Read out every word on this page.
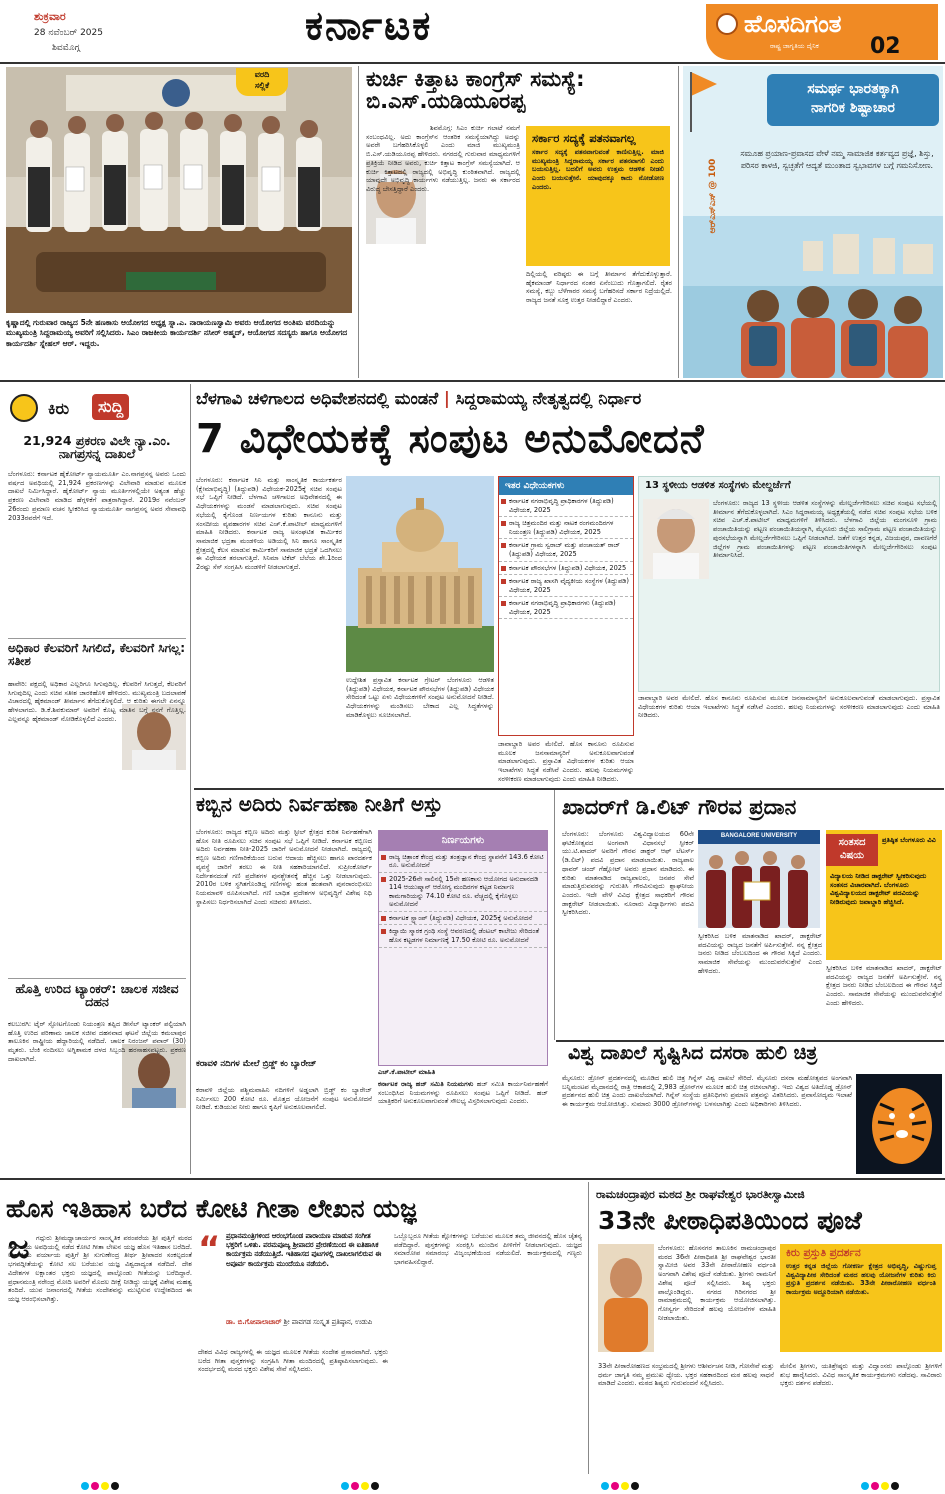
ಶುಕ್ರವಾರ
28 ನವೆಂಬರ್ 2025
ಶಿವಮೊಗ್ಗ	ಕರ್ನಾಟಕ	ಹೊಸದಿಗಂತ
ರಾಷ್ಟ್ರ ಜಾಗೃತಿಯ ದೈನಿಕ 02
ವರದಿ
ಸಲ್ಲಿಕೆ
ಕೃಷ್ಣಾದಲ್ಲಿ ಗುರುವಾರ ರಾಜ್ಯದ 5ನೇ ಹಣಕಾಸು ಆಯೋಗದ ಅಧ್ಯಕ್ಷ ಸ್ನಾ.ಎ. ನಾರಾಯಣಸ್ವಾಮಿ ಅವರು ಆಯೋಗದ ಅಂತಿಮ ವರದಿಯನ್ನು ಮುಖ್ಯಮಂತ್ರಿ ಸಿದ್ದರಾಮಯ್ಯ ಅವರಿಗೆ ಸಲ್ಲಿಸಿದರು. ಸಿಎಂ ರಾಜಕೀಯ ಕಾರ್ಯದರ್ಶಿ ನಸೀರ್ ಅಹ್ಮದ್, ಆಯೋಗದ ಸದಸ್ಯರು ಹಾಗೂ ಆಯೋಗದ ಕಾರ್ಯದರ್ಶಿ ಸ್ನೇಹಲ್ ಆರ್. ಇದ್ದರು.
ಕುರ್ಚಿ ಕಿತ್ತಾಟ ಕಾಂಗ್ರೆಸ್ ಸಮಸ್ಯೆ: ಬಿ.ಎಸ್.ಯಡಿಯೂರಪ್ಪ
ಶಿವಮೊಗ್ಗ: ಸಿಎಂ ಕುರ್ಚಿ ಗಲಾಟೆ ನಮಗೆ ಸಂಬಂಧವಿಲ್ಲ. ಅದು ಕಾಂಗ್ರೆಸ್‌ನ ಆಂತರಿಕ ಸಮಸ್ಯೆಯಾಗಿದ್ದು ಅದನ್ನು ಅವರೇ ಬಗೆಹರಿಸಿಕೊಳ್ಳಲಿ ಎಂದು ಮಾಜಿ ಮುಖ್ಯಮಂತ್ರಿ ಬಿ.ಎಸ್.ಯಡಿಯೂರಪ್ಪ ಹೇಳಿದರು. ನಗರದಲ್ಲಿ ಗುರುವಾರ ಮಾಧ್ಯಮಗಳಿಗೆ ಪ್ರತಿಕ್ರಿಯೆ ನೀಡಿದ ಅವರು, ಕುರ್ಚಿ ಕಿತ್ತಾಟ ಕಾಂಗ್ರೆಸ್ ಸಮಸ್ಯೆಯಾಗಿದೆ. ಆ ಕುರ್ಚಿ ಕಿತ್ತಾಟದಲ್ಲಿ ರಾಜ್ಯದಲ್ಲಿ ಅಭಿವೃದ್ಧಿ ಕುಂಠಿತವಾಗಿದೆ. ರಾಜ್ಯದಲ್ಲಿ ಯಾವುದೇ ಅಭಿವೃದ್ಧಿ ಕಾರ್ಯಗಳು ನಡೆಯುತ್ತಿಲ್ಲ. ಜನರು ಈ ಸರ್ಕಾರದ ವಿರುದ್ಧ ಬೇಸತ್ತಿದ್ದಾರೆ ಎಂದರು.
ಸರ್ಕಾರ ಸದ್ಯಕ್ಕೆ ಪತನವಾಗಲ್ಲ
ಸರ್ಕಾರ ಸದ್ಯಕ್ಕೆ ಪತನವಾಗುವಂತೆ ಕಾಣಿಸುತ್ತಿಲ್ಲ. ಮಾಜಿ ಮುಖ್ಯಮಂತ್ರಿ ಸಿದ್ದರಾಮಯ್ಯ ಸರ್ಕಾರ ಪತನವಾಗಲಿ ಎಂದು ಬಯಸುತ್ತಿಲ್ಲ. ಬದಲಿಗೆ ಅವರು ಉತ್ತಮ ಆಡಳಿತ ನೀಡಲಿ ಎಂದು ಬಯಸುತ್ತೇನೆ. ಯಾವುದಕ್ಕೂ ಕಾದು ನೋಡೋಣ ಎಂದರು.
ದಿಲ್ಲಿಯಲ್ಲಿ ವರಿಷ್ಠರು ಈ ಬಗ್ಗೆ ತೀರ್ಮಾನ ತೆಗೆದುಕೊಳ್ಳುತ್ತಾರೆ. ಹೈಕಮಾಂಡ್ ನಿರ್ಧಾರದ ನಂತರ ಏನೆಂಬುದು ಗೊತ್ತಾಗಲಿದೆ. ರೈತರ ಸಮಸ್ಯೆ, ಕಬ್ಬು ಬೆಳೆಗಾರರ ಸಮಸ್ಯೆ ಬಗೆಹರಿಸದೆ ಸರ್ಕಾರ ನಿದ್ರೆಯಲ್ಲಿದೆ. ರಾಜ್ಯದ ಜನತೆ ಸೂಕ್ತ ಉತ್ತರ ನೀಡಲಿದ್ದಾರೆ ಎಂದರು.
ಸಮರ್ಥ ಭಾರತಕ್ಕಾಗಿ
ನಾಗರಿಕ ಶಿಷ್ಟಾಚಾರ
ಸಮೂಹ ಪ್ರಯಾಣ-ಪ್ರವಾಸದ ವೇಳೆ ನಮ್ಮ ಸಾಮಾಜಿಕ ಕರ್ತವ್ಯದ ಪ್ರಜ್ಞೆ, ಶಿಸ್ತು, ಪರಿಸರ ಕಾಳಜಿ, ಸ್ವಚ್ಛತೆಗೆ ಆದ್ಯತೆ ಮುಂತಾದ ಸ್ವಭಾವಗಳ ಬಗ್ಗೆ ಗಮನಿಸೋಣ.
ಆರ್‌ಎಸ್‌ಎಸ್ @ 100
ಕಿರು	ಸುದ್ದಿ
21,924 ಪ್ರಕರಣ ವಿಲೇ ನ್ಯಾ.ಎಂ. ನಾಗಪ್ರಸನ್ನ ದಾಖಲೆ
ಬೆಂಗಳೂರು: ಕರ್ನಾಟಕ ಹೈಕೋರ್ಟ್ ನ್ಯಾಯಮೂರ್ತಿ ಎಂ.ನಾಗಪ್ರಸನ್ನ ಅವರು ಒಂದು ವರ್ಷದ ಅವಧಿಯಲ್ಲಿ 21,924 ಪ್ರಕರಣಗಳನ್ನು ವಿಲೇವಾರಿ ಮಾಡುವ ಮೂಲಕ ದಾಖಲೆ ನಿರ್ಮಿಸಿದ್ದಾರೆ. ಹೈಕೋರ್ಟ್ ನ್ಯಾಯ ಮೂರ್ತಿಗಳಲ್ಲಿಯೇ ಅತ್ಯಂತ ಹೆಚ್ಚು ಪ್ರಕರಣ ವಿಲೇವಾರಿ ಮಾಡಿದ ಹೆಗ್ಗಳಿಕೆಗೆ ಪಾತ್ರರಾಗಿದ್ದಾರೆ. 2019ರ ನವೆಂಬರ್ 26ರಂದು ಪ್ರಮಾಣ ವಚನ ಸ್ವೀಕರಿಸಿದ ನ್ಯಾಯಮೂರ್ತಿ ನಾಗಪ್ರಸನ್ನ ಅವರ ಸೇವಾವಧಿ 2033ರವರೆಗೆ ಇದೆ.
ಅಧಿಕಾರ ಕೆಲವರಿಗೆ ಸಿಗಲಿದೆ, ಕೆಲವರಿಗೆ ಸಿಗಲ್ಲ: ಸತೀಶ
ಹಾವೇರಿ: ಪಕ್ಷದಲ್ಲಿ ಅಧಿಕಾರ ಎಲ್ಲರಿಗೂ ಸಿಗುವುದಿಲ್ಲ. ಕೆಲವರಿಗೆ ಸಿಗುತ್ತದೆ, ಕೆಲವರಿಗೆ ಸಿಗುವುದಿಲ್ಲ ಎಂದು ಸಚಿವ ಸತೀಶ ಜಾರಕಿಹೊಳಿ ಹೇಳಿದರು. ಮುಖ್ಯಮಂತ್ರಿ ಬದಲಾವಣೆ ವಿಚಾರದಲ್ಲಿ ಹೈಕಮಾಂಡ್ ತೀರ್ಮಾನ ತೆಗೆದುಕೊಳ್ಳಲಿದೆ. ಆ ಕುರಿತು ಈಗಲೇ ಏನನ್ನೂ ಹೇಳಲಾಗದು. ಡಿ.ಕೆ.ಶಿವಕುಮಾರ್ ಅವರಿಗೆ ಕೊಟ್ಟ ಮಾತಿನ ಬಗ್ಗೆ ನನಗೆ ಗೊತ್ತಿಲ್ಲ. ಎಲ್ಲವನ್ನೂ ಹೈಕಮಾಂಡ್ ನೋಡಿಕೊಳ್ಳಲಿದೆ ಎಂದರು.
ಹೊತ್ತಿ ಉರಿದ ಟ್ಯಾಂಕರ್: ಚಾಲಕ ಸಜೀವ ದಹನ
ಕಲಬುರಗಿ: ಟೈರ್ ಸ್ಫೋಟಗೊಂಡು ನಿಯಂತ್ರಣ ತಪ್ಪಿದ ಡೀಸೆಲ್ ಟ್ಯಾಂಕರ್ ಪಲ್ಟಿಯಾಗಿ ಹೊತ್ತಿ ಉರಿದ ಪರಿಣಾಮ ಚಾಲಕ ಸಜೀವ ದಹನವಾದ ಘಟನೆ ಜಿಲ್ಲೆಯ ಕಮಲಾಪುರ ತಾಲೂಕಿನ ರಾಷ್ಟ್ರೀಯ ಹೆದ್ದಾರಿಯಲ್ಲಿ ನಡೆದಿದೆ. ಚಾಲಕ ನಿರಂಜನ್ ಪವಾರ್ (30) ಮೃತರು. ಬೆಂಕಿ ನಂದಿಸಲು ಅಗ್ನಿಶಾಮಕ ದಳದ ಸಿಬ್ಬಂದಿ ಹರಸಾಹಸಪಟ್ಟರು. ಪ್ರಕರಣ ದಾಖಲಾಗಿದೆ.
ಬೆಳಗಾವಿ ಚಳಿಗಾಲದ ಅಧಿವೇಶನದಲ್ಲಿ ಮಂಡನೆ | ಸಿದ್ದರಾಮಯ್ಯ ನೇತೃತ್ವದಲ್ಲಿ ನಿರ್ಧಾರ
7 ವಿಧೇಯಕಕ್ಕೆ ಸಂಪುಟ ಅನುಮೋದನೆ
ಬೆಂಗಳೂರು: ಕರ್ನಾಟಕ ಸಿನಿ ಮತ್ತು ಸಾಂಸ್ಕೃತಿಕ ಕಾರ್ಯಕರ್ತರ (ಕ್ಷೇಮಾಭಿವೃದ್ಧಿ) (ತಿದ್ದುಪಡಿ) ವಿಧೇಯಕ-2025ಕ್ಕೆ ಸಚಿವ ಸಂಪುಟ ಸಭೆ ಒಪ್ಪಿಗೆ ನೀಡಿದೆ. ಬೆಳಗಾವಿ ಚಳಿಗಾಲದ ಅಧಿವೇಶನದಲ್ಲಿ ಈ ವಿಧೇಯಕಗಳನ್ನು ಮಂಡನೆ ಮಾಡಲಾಗುವುದು. ಸಚಿವ ಸಂಪುಟ ಸಭೆಯಲ್ಲಿ ಕೈಗೊಂಡ ನಿರ್ಣಯಗಳ ಕುರಿತು ಕಾನೂನು ಮತ್ತು ಸಂಸದೀಯ ವ್ಯವಹಾರಗಳ ಸಚಿವ ಎಚ್.ಕೆ.ಪಾಟೀಲ್ ಮಾಧ್ಯಮಗಳಿಗೆ ಮಾಹಿತಿ ನೀಡಿದರು. ಕರ್ನಾಟಕ ರಾಜ್ಯ ಅಸಂಘಟಿತ ಕಾರ್ಮಿಕರ ಸಾಮಾಜಿಕ ಭದ್ರತಾ ಮಂಡಳಿಯ ಅಡಿಯಲ್ಲಿ ಸಿನಿ ಹಾಗೂ ಸಾಂಸ್ಕೃತಿಕ ಕ್ಷೇತ್ರದಲ್ಲಿ ಕೆಲಸ ಮಾಡುವ ಕಾರ್ಮಿಕರಿಗೆ ಸಾಮಾಜಿಕ ಭದ್ರತೆ ಒದಗಿಸಲು ಈ ವಿಧೇಯಕ ತರಲಾಗುತ್ತಿದೆ. ಸಿನಿಮಾ ಟಿಕೆಟ್ ಬೆಲೆಯ ಶೇ.1ರಿಂದ 2ರಷ್ಟು ಸೆಸ್ ಸಂಗ್ರಹಿಸಿ ಮಂಡಳಿಗೆ ನೀಡಲಾಗುತ್ತದೆ.
ಉದ್ದೇಶಿತ ಪ್ರಸ್ತಾವಿತ ಕರ್ನಾಟಕ ಗ್ರೇಟರ್ ಬೆಂಗಳೂರು ಆಡಳಿತ (ತಿದ್ದುಪಡಿ) ವಿಧೇಯಕ, ಕರ್ನಾಟಕ ಪೌರಸಭೆಗಳ (ತಿದ್ದುಪಡಿ) ವಿಧೇಯಕ ಸೇರಿದಂತೆ ಒಟ್ಟು ಏಳು ವಿಧೇಯಕಗಳಿಗೆ ಸಂಪುಟ ಅನುಮೋದನೆ ನೀಡಿದೆ. ವಿಧೇಯಕಗಳನ್ನು ಮಂಡಿಸಲು ಬೇಕಾದ ಎಲ್ಲ ಸಿದ್ಧತೆಗಳನ್ನು ಮಾಡಿಕೊಳ್ಳಲು ಸೂಚಿಸಲಾಗಿದೆ.
ಇತರ ವಿಧೇಯಕಗಳು
ಕರ್ನಾಟಕ ನಗರಾಭಿವೃದ್ಧಿ ಪ್ರಾಧಿಕಾರಗಳ (ತಿದ್ದುಪಡಿ) ವಿಧೇಯಕ, 2025
ರಾಜ್ಯ ಚಿತ್ರಮಂದಿರ ಮತ್ತು ನಾಟಕ ರಂಗಮಂದಿರಗಳ ನಿಯಂತ್ರಣ (ತಿದ್ದುಪಡಿ) ವಿಧೇಯಕ, 2025
ಕರ್ನಾಟಕ ಗ್ರಾಮ ಸ್ವರಾಜ್ ಮತ್ತು ಪಂಚಾಯತ್ ರಾಜ್ (ತಿದ್ದುಪಡಿ) ವಿಧೇಯಕ, 2025
ಕರ್ನಾಟಕ ಪೌರಸಭೆಗಳ (ತಿದ್ದುಪಡಿ) ವಿಧೇಯಕ, 2025
ಕರ್ನಾಟಕ ರಾಜ್ಯ ಖಾಸಗಿ ವೈದ್ಯಕೀಯ ಸಂಸ್ಥೆಗಳ (ತಿದ್ದುಪಡಿ) ವಿಧೇಯಕ, 2025
ಕರ್ನಾಟಕ ನಗರಾಭಿವೃದ್ಧಿ ಪ್ರಾಧಿಕಾರಗಳು (ತಿದ್ದುಪಡಿ) ವಿಧೇಯಕ, 2025
ಜಾವಾಬ್ದಾರಿ ಅವರ ಮೇಲಿದೆ. ಹೊಸ ಕಾನೂನು ರೂಪಿಸುವ ಮೂಲಕ ಜನಸಾಮಾನ್ಯರಿಗೆ ಅನುಕೂಲವಾಗುವಂತೆ ಮಾಡಲಾಗುವುದು. ಪ್ರಸ್ತಾವಿತ ವಿಧೇಯಕಗಳ ಕುರಿತು ಆಯಾ ಇಲಾಖೆಗಳು ಸಿದ್ಧತೆ ನಡೆಸಿವೆ ಎಂದರು. ಹಲವು ನಿಯಮಗಳನ್ನು ಸರಳೀಕರಣ ಮಾಡಲಾಗುವುದು ಎಂದು ಮಾಹಿತಿ ನೀಡಿದರು.
13 ಸ್ಥಳೀಯ ಆಡಳಿತ ಸಂಸ್ಥೆಗಳು ಮೇಲ್ದರ್ಜೆಗೆ
ಬೆಂಗಳೂರು: ರಾಜ್ಯದ 13 ಸ್ಥಳೀಯ ಆಡಳಿತ ಸಂಸ್ಥೆಗಳನ್ನು ಮೇಲ್ದರ್ಜೆಗೇರಿಸಲು ಸಚಿವ ಸಂಪುಟ ಸಭೆಯಲ್ಲಿ ತೀರ್ಮಾನ ತೆಗೆದುಕೊಳ್ಳಲಾಗಿದೆ. ಸಿಎಂ ಸಿದ್ದರಾಮಯ್ಯ ಅಧ್ಯಕ್ಷತೆಯಲ್ಲಿ ನಡೆದ ಸಚಿವ ಸಂಪುಟ ಸಭೆಯ ಬಳಿಕ ಸಚಿವ ಎಚ್.ಕೆ.ಪಾಟೀಲ್ ಮಾಧ್ಯಮಗಳಿಗೆ ತಿಳಿಸಿದರು. ಬೆಳಗಾವಿ ಜಿಲ್ಲೆಯ ಮಂಗಸೂಳಿ ಗ್ರಾಮ ಪಂಚಾಯಿತಿಯನ್ನು ಪಟ್ಟಣ ಪಂಚಾಯಿತಿಯನ್ನಾಗಿ, ಮೈಸೂರು ಜಿಲ್ಲೆಯ ಸಾಲಿಗ್ರಾಮ ಪಟ್ಟಣ ಪಂಚಾಯಿತಿಯನ್ನು ಪುರಸಭೆಯನ್ನಾಗಿ ಮೇಲ್ದರ್ಜೆಗೇರಿಸಲು ಒಪ್ಪಿಗೆ ನೀಡಲಾಗಿದೆ. ಜತೆಗೆ ಉತ್ತರ ಕನ್ನಡ, ವಿಜಯಪುರ, ದಾವಣಗೆರೆ ಜಿಲ್ಲೆಗಳ ಗ್ರಾಮ ಪಂಚಾಯಿತಿಗಳನ್ನು ಪಟ್ಟಣ ಪಂಚಾಯಿತಿಗಳನ್ನಾಗಿ ಮೇಲ್ದರ್ಜೆಗೇರಿಸಲು ಸಂಪುಟ ತೀರ್ಮಾನಿಸಿದೆ.
ಜಾವಾಬ್ದಾರಿ ಅವರ ಮೇಲಿದೆ. ಹೊಸ ಕಾನೂನು ರೂಪಿಸುವ ಮೂಲಕ ಜನಸಾಮಾನ್ಯರಿಗೆ ಅನುಕೂಲವಾಗುವಂತೆ ಮಾಡಲಾಗುವುದು. ಪ್ರಸ್ತಾವಿತ ವಿಧೇಯಕಗಳ ಕುರಿತು ಆಯಾ ಇಲಾಖೆಗಳು ಸಿದ್ಧತೆ ನಡೆಸಿವೆ ಎಂದರು. ಹಲವು ನಿಯಮಗಳನ್ನು ಸರಳೀಕರಣ ಮಾಡಲಾಗುವುದು ಎಂದು ಮಾಹಿತಿ ನೀಡಿದರು.
ಕಬ್ಬಿನ ಅದಿರು ನಿರ್ವಹಣಾ ನೀತಿಗೆ ಅಸ್ತು
ಬೆಂಗಳೂರು: ರಾಜ್ಯದ ಕಬ್ಬಿಣ ಅದಿರು ಮತ್ತು ಸ್ಟೀಲ್ ಕ್ಷೇತ್ರದ ಕುರಿತ ನಿರ್ವಹಣೆಗಾಗಿ ಹೊಸ ನೀತಿ ರೂಪಿಸಲು ಸಚಿವ ಸಂಪುಟ ಸಭೆ ಒಪ್ಪಿಗೆ ನೀಡಿದೆ. ಕರ್ನಾಟಕ ಕಬ್ಬಿಣದ ಅದಿರು ನಿರ್ವಹಣಾ ನೀತಿ-2025 ಜಾರಿಗೆ ಅನುಮೋದನೆ ನೀಡಲಾಗಿದೆ. ರಾಜ್ಯದಲ್ಲಿ ಕಬ್ಬಿಣ ಅದಿರು ಗಣಿಗಾರಿಕೆಯಿಂದ ಬರುವ ಆದಾಯ ಹೆಚ್ಚಿಸಲು ಹಾಗೂ ಪಾರದರ್ಶಕ ವ್ಯವಸ್ಥೆ ಜಾರಿಗೆ ತರಲು ಈ ನೀತಿ ಸಹಕಾರಿಯಾಗಲಿದೆ. ಸುಪ್ರೀಂಕೋರ್ಟ್ ನಿರ್ದೇಶನದಂತೆ ಗಣಿ ಪ್ರದೇಶಗಳ ಪುನಶ್ಚೇತನಕ್ಕೆ ಹೆಚ್ಚಿನ ಒತ್ತು ನೀಡಲಾಗುವುದು. 2010ರ ಬಳಿಕ ಸ್ಥಗಿತಗೊಂಡಿದ್ದ ಗಣಿಗಳನ್ನು ಹಂತ ಹಂತವಾಗಿ ಪುನರಾರಂಭಿಸಲು ನಿಯಮಾವಳಿ ರೂಪಿಸಲಾಗಿದೆ. ಗಣಿ ಬಾಧಿತ ಪ್ರದೇಶಗಳ ಅಭಿವೃದ್ಧಿಗೆ ವಿಶೇಷ ನಿಧಿ ಸ್ಥಾಪಿಸಲು ನಿರ್ಧರಿಸಲಾಗಿದೆ ಎಂದು ಸಚಿವರು ತಿಳಿಸಿದರು.
ಕರಾವಳಿ ನದಿಗಳ ಮೇಲೆ ಬ್ರಿಡ್ಜ್ ಕಂ ಬ್ಯಾರೇಜ್
ಕರಾವಳಿ ಜಿಲ್ಲೆಯ ಪಶ್ಚಿಮವಾಹಿನಿ ನದಿಗಳಿಗೆ ಅಡ್ಡಲಾಗಿ ಬ್ರಿಡ್ಜ್ ಕಂ ಬ್ಯಾರೇಜ್ ನಿರ್ಮಿಸಲು 200 ಕೋಟಿ ರೂ. ಮೊತ್ತದ ಯೋಜನೆಗೆ ಸಂಪುಟ ಅನುಮೋದನೆ ನೀಡಿದೆ. ಕುಡಿಯುವ ನೀರು ಹಾಗೂ ಕೃಷಿಗೆ ಅನುಕೂಲವಾಗಲಿದೆ.
ನಿರ್ಣಯಗಳು
ರಾಜ್ಯ ಚಿತ್ರಾಂಕ ಕೇಂದ್ರ ಮತ್ತು ತಂತ್ರಜ್ಞಾನ ಕೇಂದ್ರ ಸ್ಥಾಪನೆಗೆ 143.6 ಕೋಟಿ ರೂ. ಅನುಮೋದನೆ
2025-26ನೇ ಸಾಲಿನಲ್ಲಿ 15ನೇ ಹಣಕಾಸು ಆಯೋಗದ ಅನುದಾನದಡಿ 114 ಆಯುಷ್ಮಾನ್ ಆರೋಗ್ಯ ಮಂದಿರಗಳ ಕಟ್ಟಡ ನಿರ್ಮಾಣ ಕಾಮಗಾರಿಯನ್ನು 74.10 ಕೋಟಿ ರೂ. ವೆಚ್ಚದಲ್ಲಿ ಕೈಗೊಳ್ಳಲು ಅನುಮೋದನೆ
ಕರ್ನಾಟಕ ಸ್ಟ್ಯಾಂಪ್ (ತಿದ್ದುಪಡಿ) ವಿಧೇಯಕ, 2025ಕ್ಕೆ ಅನುಮೋದನೆ
ಕಿದ್ವಾಯಿ ಸ್ಮಾರಕ ಗ್ರಂಥಿ ಸಂಸ್ಥೆ ಆವರಣದಲ್ಲಿ ಡೆಂಟಲ್ ಕಾಲೇಜು ಸೇರಿದಂತೆ ಹೊಸ ಕಟ್ಟಡಗಳ ನಿರ್ಮಾಣಕ್ಕೆ 17.50 ಕೋಟಿ ರೂ. ಅನುಮೋದನೆ
ಎಚ್.ಕೆ.ಪಾಟೀಲ್ ಮಾಹಿತಿ
ಕರ್ನಾಟಕ ರಾಜ್ಯ ಹಜ್ ಸಮಿತಿ ನಿಯಮಗಳು ಹಜ್ ಸಮಿತಿ ಕಾರ್ಯನಿರ್ವಹಣೆಗೆ ಸಂಬಂಧಿಸಿದ ನಿಯಮಗಳನ್ನು ರೂಪಿಸಲು ಸಂಪುಟ ಒಪ್ಪಿಗೆ ನೀಡಿದೆ. ಹಜ್ ಯಾತ್ರಿಕರಿಗೆ ಅನುಕೂಲವಾಗುವಂತೆ ಸೌಲಭ್ಯ ವಿಸ್ತರಿಸಲಾಗುವುದು ಎಂದರು.
ಖಾದರ್‌ಗೆ ಡಿ.ಲಿಟ್ ಗೌರವ ಪ್ರದಾನ
ಬೆಂಗಳೂರು: ಬೆಂಗಳೂರು ವಿಶ್ವವಿದ್ಯಾಲಯದ 60ನೇ ಘಟಿಕೋತ್ಸವದ ಅಂಗವಾಗಿ ವಿಧಾನಸಭೆ ಸ್ಪೀಕರ್ ಯು.ಟಿ.ಖಾದರ್ ಅವರಿಗೆ ಗೌರವ ಡಾಕ್ಟರ್ ಆಫ್ ಲೆಟರ್ಸ್ (ಡಿ.ಲಿಟ್) ಪದವಿ ಪ್ರದಾನ ಮಾಡಲಾಯಿತು. ರಾಜ್ಯಪಾಲ ಥಾವರ್ ಚಂದ್ ಗೆಹ್ಲೋಟ್ ಅವರು ಪ್ರದಾನ ಮಾಡಿದರು. ಈ ಕುರಿತು ಮಾತನಾಡಿದ ರಾಜ್ಯಪಾಲರು, ಜನಪರ ಸೇವೆ ಮಾಡುತ್ತಿರುವವರನ್ನು ಗುರುತಿಸಿ ಗೌರವಿಸುವುದು ಶ್ಲಾಘನೀಯ ಎಂದರು. ಇದೇ ವೇಳೆ ವಿವಿಧ ಕ್ಷೇತ್ರದ ಸಾಧಕರಿಗೆ ಗೌರವ ಡಾಕ್ಟರೇಟ್ ನೀಡಲಾಯಿತು. ನೂರಾರು ವಿದ್ಯಾರ್ಥಿಗಳು ಪದವಿ ಸ್ವೀಕರಿಸಿದರು.
BANGALORE UNIVERSITY
ಸಂತಸದ
ವಿಷಯ
ಪ್ರತಿಷ್ಠಿತ ಬೆಂಗಳೂರು ವಿವಿ
ವಿದ್ಯಾಲಯ ನೀಡಿದ ಡಾಕ್ಟರೇಟ್ ಸ್ವೀಕರಿಸುವುದು ಸಂತಸದ ವಿಚಾರವಾಗಿದೆ. ಬೆಂಗಳೂರು ವಿಶ್ವವಿದ್ಯಾಲಯದ ಡಾಕ್ಟರೇಟ್ ಪದವಿಯನ್ನು ನೀಡಿರುವುದು ಜವಾಬ್ದಾರಿ ಹೆಚ್ಚಿಸಿದೆ.
ಸ್ವೀಕರಿಸಿದ ಬಳಿಕ ಮಾತನಾಡಿದ ಖಾದರ್, ಡಾಕ್ಟರೇಟ್ ಪದವಿಯನ್ನು ರಾಜ್ಯದ ಜನತೆಗೆ ಅರ್ಪಿಸುತ್ತೇನೆ. ನನ್ನ ಕ್ಷೇತ್ರದ ಜನರು ನೀಡಿದ ಬೆಂಬಲದಿಂದ ಈ ಗೌರವ ಸಿಕ್ಕಿದೆ ಎಂದರು. ಸಾಮಾಜಿಕ ಸೇವೆಯನ್ನು ಮುಂದುವರೆಸುತ್ತೇನೆ ಎಂದು ಹೇಳಿದರು.	ಸ್ವೀಕರಿಸಿದ ಬಳಿಕ ಮಾತನಾಡಿದ ಖಾದರ್, ಡಾಕ್ಟರೇಟ್ ಪದವಿಯನ್ನು ರಾಜ್ಯದ ಜನತೆಗೆ ಅರ್ಪಿಸುತ್ತೇನೆ. ನನ್ನ ಕ್ಷೇತ್ರದ ಜನರು ನೀಡಿದ ಬೆಂಬಲದಿಂದ ಈ ಗೌರವ ಸಿಕ್ಕಿದೆ ಎಂದರು. ಸಾಮಾಜಿಕ ಸೇವೆಯನ್ನು ಮುಂದುವರೆಸುತ್ತೇನೆ ಎಂದು ಹೇಳಿದರು.
ವಿಶ್ವ ದಾಖಲೆ ಸೃಷ್ಟಿಸಿದ ದಸರಾ ಹುಲಿ ಚಿತ್ರ
ಮೈಸೂರು: ಡ್ರೋನ್ ಪ್ರದರ್ಶನದಲ್ಲಿ ಮೂಡಿದ ಹುಲಿ ಚಿತ್ರ ಗಿನ್ನೆಸ್ ವಿಶ್ವ ದಾಖಲೆ ಸೇರಿದೆ. ಮೈಸೂರು ದಸರಾ ಮಹೋತ್ಸವದ ಅಂಗವಾಗಿ ಬನ್ನಿಮಂಟಪ ಮೈದಾನದಲ್ಲಿ ರಾತ್ರಿ ಆಕಾಶದಲ್ಲಿ 2,983 ಡ್ರೋನ್‌ಗಳ ಮೂಲಕ ಹುಲಿ ಚಿತ್ರ ರಚಿಸಲಾಗಿತ್ತು. ಇದು ವಿಶ್ವದ ಅತಿದೊಡ್ಡ ಡ್ರೋನ್ ಪ್ರದರ್ಶನದ ಹುಲಿ ಚಿತ್ರ ಎಂದು ದಾಖಲೆಯಾಗಿದೆ. ಗಿನ್ನೆಸ್ ಸಂಸ್ಥೆಯ ಪ್ರತಿನಿಧಿಗಳು ಪ್ರಮಾಣ ಪತ್ರವನ್ನು ವಿತರಿಸಿದರು. ಪ್ರವಾಸೋದ್ಯಮ ಇಲಾಖೆ ಈ ಕಾರ್ಯಕ್ರಮ ಆಯೋಜಿಸಿತ್ತು. ಸುಮಾರು 3000 ಡ್ರೋನ್‌ಗಳನ್ನು ಬಳಸಲಾಗಿತ್ತು ಎಂದು ಅಧಿಕಾರಿಗಳು ತಿಳಿಸಿದರು.
ಹೊಸ ಇತಿಹಾಸ ಬರೆದ ಕೋಟಿ ಗೀತಾ ಲೇಖನ ಯಜ್ಞ
ಜ ಗದ್ಗುರು ಶ್ರೀಮಧ್ವಾಚಾರ್ಯರ ಸಾಂಸ್ಕೃತಿಕ ಪರಂಪರೆಯ ಶ್ರೀ ಪುತ್ತಿಗೆ ಮಠದ ಪರ್ಯಾಯ ಅವಧಿಯಲ್ಲಿ ನಡೆದ ಕೋಟಿ ಗೀತಾ ಲೇಖನ ಯಜ್ಞ ಹೊಸ ಇತಿಹಾಸ ಬರೆದಿದೆ. ಉಡುಪಿಯ ಪರ್ಯಾಯ ಪುತ್ತಿಗೆ ಶ್ರೀ ಸುಗುಣೇಂದ್ರ ತೀರ್ಥ ಶ್ರೀಪಾದರ ಸಂಕಲ್ಪದಂತೆ ಭಗವದ್ಗೀತೆಯನ್ನು ಕೋಟಿ ಸಲ ಬರೆಯುವ ಯಜ್ಞ ವಿಶ್ವದಾದ್ಯಂತ ನಡೆದಿದೆ. ದೇಶ ವಿದೇಶಗಳ ಲಕ್ಷಾಂತರ ಭಕ್ತರು ಯಜ್ಞದಲ್ಲಿ ಪಾಲ್ಗೊಂಡು ಗೀತೆಯನ್ನು ಬರೆದಿದ್ದಾರೆ. ಪ್ರಧಾನಮಂತ್ರಿ ನರೇಂದ್ರ ಮೋದಿ ಅವರಿಗೆ ಮೊದಲ ದೀಕ್ಷೆ ನೀಡಿದ್ದು ಯಜ್ಞಕ್ಕೆ ವಿಶೇಷ ಮಹತ್ವ ತಂದಿದೆ. ಯುವ ಜನಾಂಗದಲ್ಲಿ ಗೀತೆಯ ಸಂದೇಶವನ್ನು ಮುಟ್ಟಿಸುವ ಉದ್ದೇಶದಿಂದ ಈ ಯಜ್ಞ ಆರಂಭಿಸಲಾಗಿತ್ತು.
“ ಪ್ರಧಾನಮಂತ್ರಿಗಳಿಂದ ಆರಂಭಗೊಂಡ ಪಾರಾಯಣ ಮಾಡುವ ಸಂಗೀತ ಭಕ್ತರಿಗೆ ಒಳಿತು. ಪರಮಪೂಜ್ಯ ಶ್ರೀಪಾದರ ಪ್ರೇರಣೆಯಿಂದ ಈ ಐತಿಹಾಸಿಕ ಕಾರ್ಯಕ್ರಮ ನಡೆಯುತ್ತಿದೆ. ಇತಿಹಾಸದ ಪುಟಗಳಲ್ಲಿ ದಾಖಲಾಗಲಿರುವ ಈ ಅಪೂರ್ವ ಕಾರ್ಯಕ್ರಮ ಮುಂದೆಯೂ ನಡೆಯಲಿ.
ಡಾ. ಬಿ.ಗೋಪಾಲಾಚಾರ್ ಶ್ರೀ ಪಾವಗಡ ಸಂಸ್ಕೃತ ಪ್ರತಿಷ್ಠಾನ, ಉಡುಪಿ
ದೇಶದ ವಿವಿಧ ರಾಜ್ಯಗಳಲ್ಲಿ ಈ ಯಜ್ಞದ ಮೂಲಕ ಗೀತೆಯ ಸಂದೇಶ ಪ್ರಸಾರವಾಗಿದೆ. ಭಕ್ತರು ಬರೆದ ಗೀತಾ ಪುಸ್ತಕಗಳನ್ನು ಸಂಗ್ರಹಿಸಿ ಗೀತಾ ಮಂದಿರದಲ್ಲಿ ಪ್ರತಿಷ್ಠಾಪಿಸಲಾಗುವುದು. ಈ ಸಂದರ್ಭದಲ್ಲಿ ಮಠದ ಭಕ್ತರು ವಿಶೇಷ ಸೇವೆ ಸಲ್ಲಿಸಿದರು.
ಒಬ್ಬೊಬ್ಬರೂ ಗೀತೆಯ ಶ್ಲೋಕಗಳನ್ನು ಬರೆಯುವ ಮೂಲಕ ತಮ್ಮ ಜೀವನದಲ್ಲಿ ಹೊಸ ಚೈತನ್ಯ ಪಡೆದಿದ್ದಾರೆ. ಪುಸ್ತಕಗಳನ್ನು ಸಂರಕ್ಷಿಸಿ ಮುಂದಿನ ಪೀಳಿಗೆಗೆ ನೀಡಲಾಗುವುದು. ಯಜ್ಞದ ಸಮಾರೋಪ ಸಮಾರಂಭ ವಿಜೃಂಭಣೆಯಿಂದ ನಡೆಯಲಿದೆ. ಕಾರ್ಯಕ್ರಮದಲ್ಲಿ ಗಣ್ಯರು ಭಾಗವಹಿಸಲಿದ್ದಾರೆ.
ರಾಮಚಂದ್ರಾಪುರ ಮಠದ ಶ್ರೀ ರಾಘವೇಶ್ವರ ಭಾರತೀಸ್ವಾಮೀಜಿ
33ನೇ ಪೀಠಾಧಿಪತಿಯಿಂದ ಪೂಜೆ
ಬೆಂಗಳೂರು: ಹೊಸನಗರ ತಾಲೂಕಿನ ರಾಮಚಂದ್ರಾಪುರ ಮಠದ 36ನೇ ಪೀಠಾಧಿಪತಿ ಶ್ರೀ ರಾಘವೇಶ್ವರ ಭಾರತೀ ಸ್ವಾಮೀಜಿ ಅವರ 33ನೇ ಪೀಠಾರೋಹಣ ವರ್ಧಂತಿ ಅಂಗವಾಗಿ ವಿಶೇಷ ಪೂಜೆ ನಡೆಯಿತು. ಶ್ರೀಗಳು ರಾಮನಿಗೆ ವಿಶೇಷ ಪೂಜೆ ಸಲ್ಲಿಸಿದರು. ಶಿಷ್ಯ ಭಕ್ತರು ಪಾಲ್ಗೊಂಡಿದ್ದರು. ನಗರದ ಗಿರಿನಗರದ ಶ್ರೀ ರಾಮಾಶ್ರಮದಲ್ಲಿ ಕಾರ್ಯಕ್ರಮ ಆಯೋಜಿಸಲಾಗಿತ್ತು. ಗೋಸ್ವರ್ಗ ಸೇರಿದಂತೆ ಹಲವು ಯೋಜನೆಗಳ ಮಾಹಿತಿ ನೀಡಲಾಯಿತು.
ಕಿರು ಪ್ರಸ್ತುತಿ ಪ್ರದರ್ಶನ
ಉತ್ತರ ಕನ್ನಡ ಜಿಲ್ಲೆಯ ಗೋಕರ್ಣ ಕ್ಷೇತ್ರದ ಅಭಿವೃದ್ಧಿ, ವಿಷ್ಣುಗುಪ್ತ ವಿಶ್ವವಿದ್ಯಾಪೀಠ ಸೇರಿದಂತೆ ಮಠದ ಹಲವು ಯೋಜನೆಗಳ ಕುರಿತು ಕಿರು ಪ್ರಸ್ತುತಿ ಪ್ರದರ್ಶನ ನಡೆಯಿತು. 33ನೇ ಪೀಠಾರೋಹಣ ವರ್ಧಂತಿ ಕಾರ್ಯಕ್ರಮ ಅದ್ದೂರಿಯಾಗಿ ನಡೆಯಿತು.
33ನೇ ಪೀಠಾರೋಹಣದ ಸಂಭ್ರಮದಲ್ಲಿ ಶ್ರೀಗಳು ಆಶೀರ್ವಚನ ನೀಡಿ, ಗೋಸೇವೆ ಮತ್ತು ಧರ್ಮ ಜಾಗೃತಿ ನಮ್ಮ ಪ್ರಮುಖ ಧ್ಯೇಯ. ಭಕ್ತರ ಸಹಕಾರದಿಂದ ಮಠ ಹಲವು ಸಾಧನೆ ಮಾಡಿದೆ ಎಂದರು. ಮಠದ ಶಿಷ್ಯರು ಗುರುವಂದನೆ ಸಲ್ಲಿಸಿದರು.
ಮೇಲಿನ ಶ್ರೀಗಳು, ಯತಿಶ್ರೇಷ್ಠರು ಮತ್ತು ವಿದ್ವಾಂಸರು ಪಾಲ್ಗೊಂಡು ಶ್ರೀಗಳಿಗೆ ಶುಭ ಹಾರೈಸಿದರು. ವಿವಿಧ ಸಾಂಸ್ಕೃತಿಕ ಕಾರ್ಯಕ್ರಮಗಳು ನಡೆದವು. ಸಾವಿರಾರು ಭಕ್ತರು ದರ್ಶನ ಪಡೆದರು.
